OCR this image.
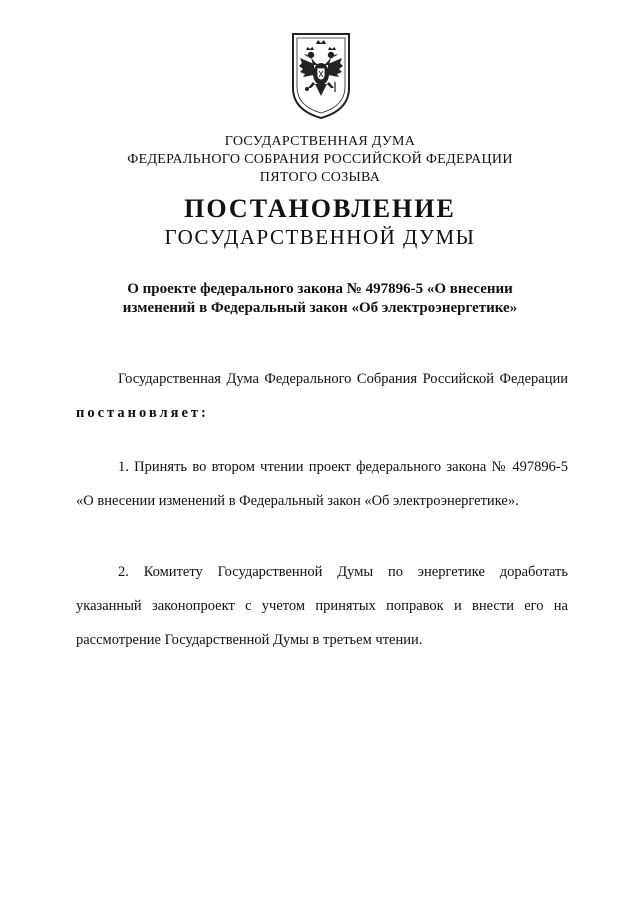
ГОСУДАРСТВЕННАЯ ДУМА

ФЕДЕРАЛЬНОГО СОБРАНИЯ РОССИЙСКОЙ ФЕДЕРАЦИИ

ПЯТОГО СОЗЫВА

ПОСТАНОВЛЕНИЕ

ГОСУДАРСТВЕННОЙ ДУМЫ

О проекте федерального закона № 497896-5 «О внесении
изменений в Федеральный закон «Об электроэнергетике»

Государственная Дума Федерального Собрания Российской Федерации постановляет:

1. Принять во втором чтении проект федерального закона № 497896-5 «О внесении изменений в Федеральный закон «Об электроэнергетике».

2. Комитету Государственной Думы по энергетике доработать указанный законопроект с учетом принятых поправок и внести его на рассмотрение Государственной Думы в третьем чтении.
